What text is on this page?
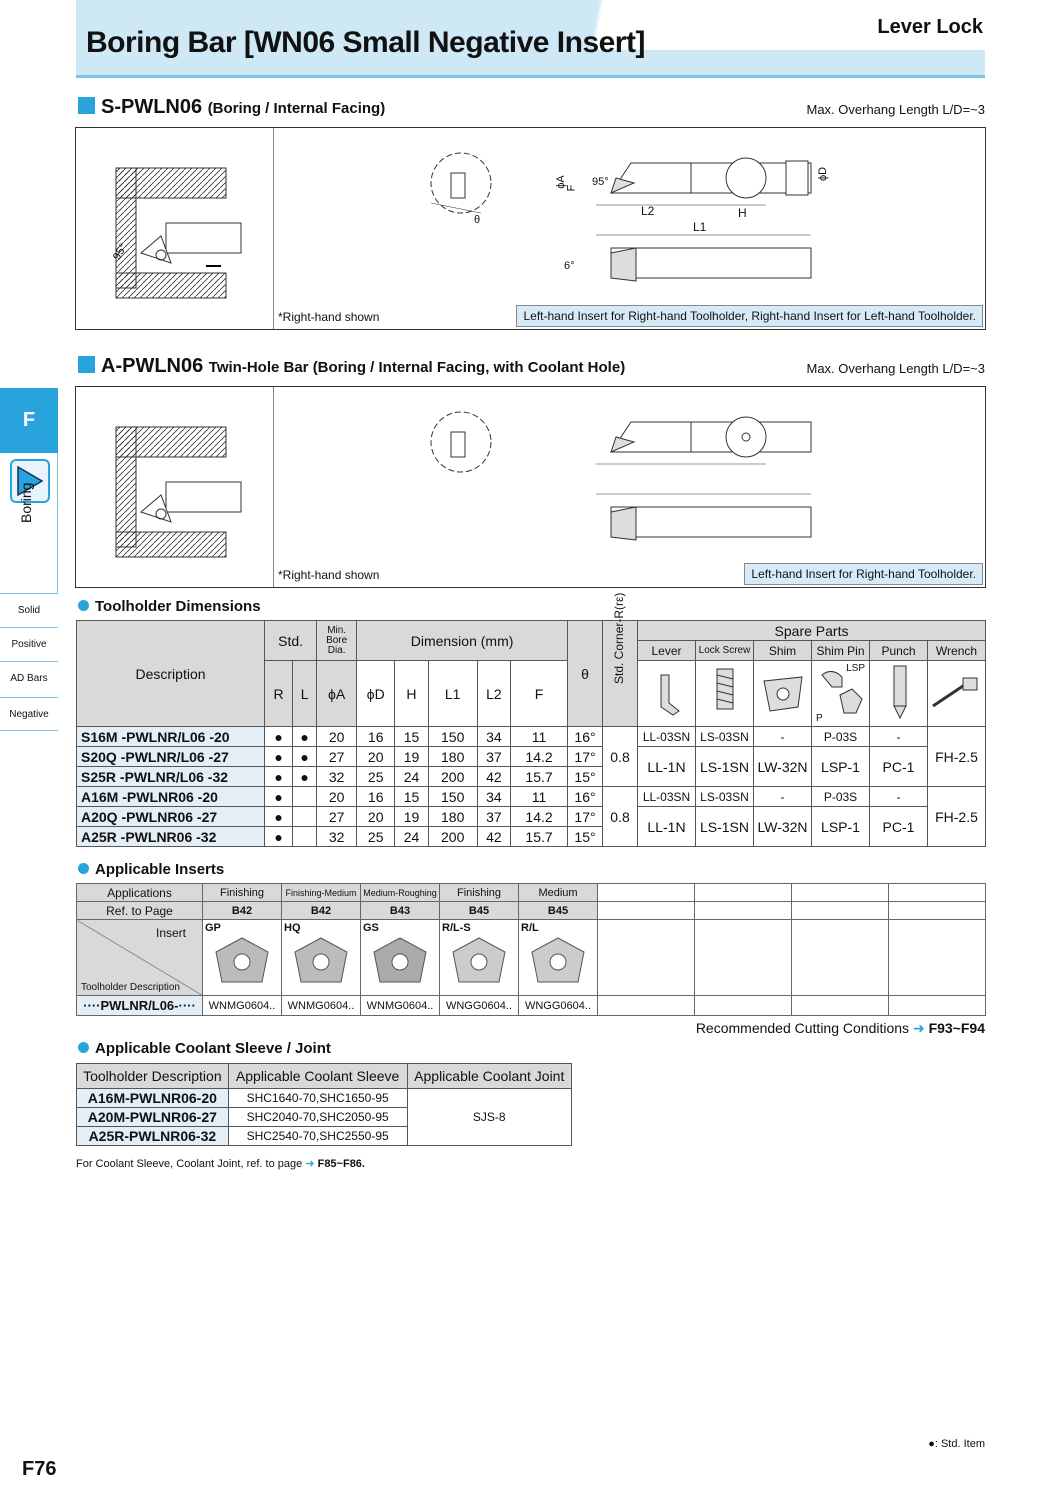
Boring Bar [WN06 Small Negative Insert]	Lever Lock
F
Boring
Solid
Positive
AD Bars
Negative
S-PWLN06 (Boring / Internal Facing)	Max. Overhang Length L/D=~3
95°
θ
ϕA
F 95°
L2	H
L1
ϕD
6°
*Right-hand shown	Left-hand Insert for Right-hand Toolholder, Right-hand Insert for Left-hand Toolholder.
A-PWLN06 Twin-Hole Bar (Boring / Internal Facing, with Coolant Hole)	Max. Overhang Length L/D=~3
*Right-hand shown	Left-hand Insert for Right-hand Toolholder.
Toolholder Dimensions
Description	Std.		Min. Bore Dia.	Dimension (mm)					θ	Std. Corner-R(rε)	Spare Parts					
											Lever	Lock Screw	Shim	Shim Pin	Punch	Wrench
	R	L	ϕA	ϕD	H	L1	L2	F						LSP
P

S16M -PWLNR/L06 -20	●	●	20	16	15	150	34	11	16°	0.8	LL-03SN	LS-03SN	-	P-03S	-	FH-2.5
S20Q -PWLNR/L06 -27	●	●	27	20	19	180	37	14.2	17°		LL-1N	LS-1SN	LW-32N	LSP-1	PC-1	
S25R -PWLNR/L06 -32	●	●	32	25	24	200	42	15.7	15°							
A16M -PWLNR06 -20	●		20	16	15	150	34	11	16°	0.8	LL-03SN	LS-03SN	-	P-03S	-	FH-2.5
A20Q -PWLNR06 -27	●		27	20	19	180	37	14.2	17°		LL-1N	LS-1SN	LW-32N	LSP-1	PC-1	
A25R -PWLNR06 -32	●		32	25	24	200	42	15.7	15°							
Applicable Inserts
Applications	Finishing	Finishing-Medium	Medium-Roughing	Finishing	Medium				
Ref. to Page	B42	B42	B43	B45	B45				

Insert
Toolholder Description	GP	HQ	GS	R/L-S	R/L				

····PWLNR/L06-····	WNMG0604..	WNMG0604..	WNMG0604..	WNGG0604..	WNGG0604..				
Recommended Cutting Conditions ➜ F93~F94
Applicable Coolant Sleeve / Joint
Toolholder Description	Applicable Coolant Sleeve	Applicable Coolant Joint
A16M-PWLNR06-20	SHC1640-70,SHC1650-95	SJS-8
A20M-PWLNR06-27	SHC2040-70,SHC2050-95	
A25R-PWLNR06-32	SHC2540-70,SHC2550-95	
For Coolant Sleeve, Coolant Joint, ref. to page ➜ F85~F86.
F76
●: Std. Item
